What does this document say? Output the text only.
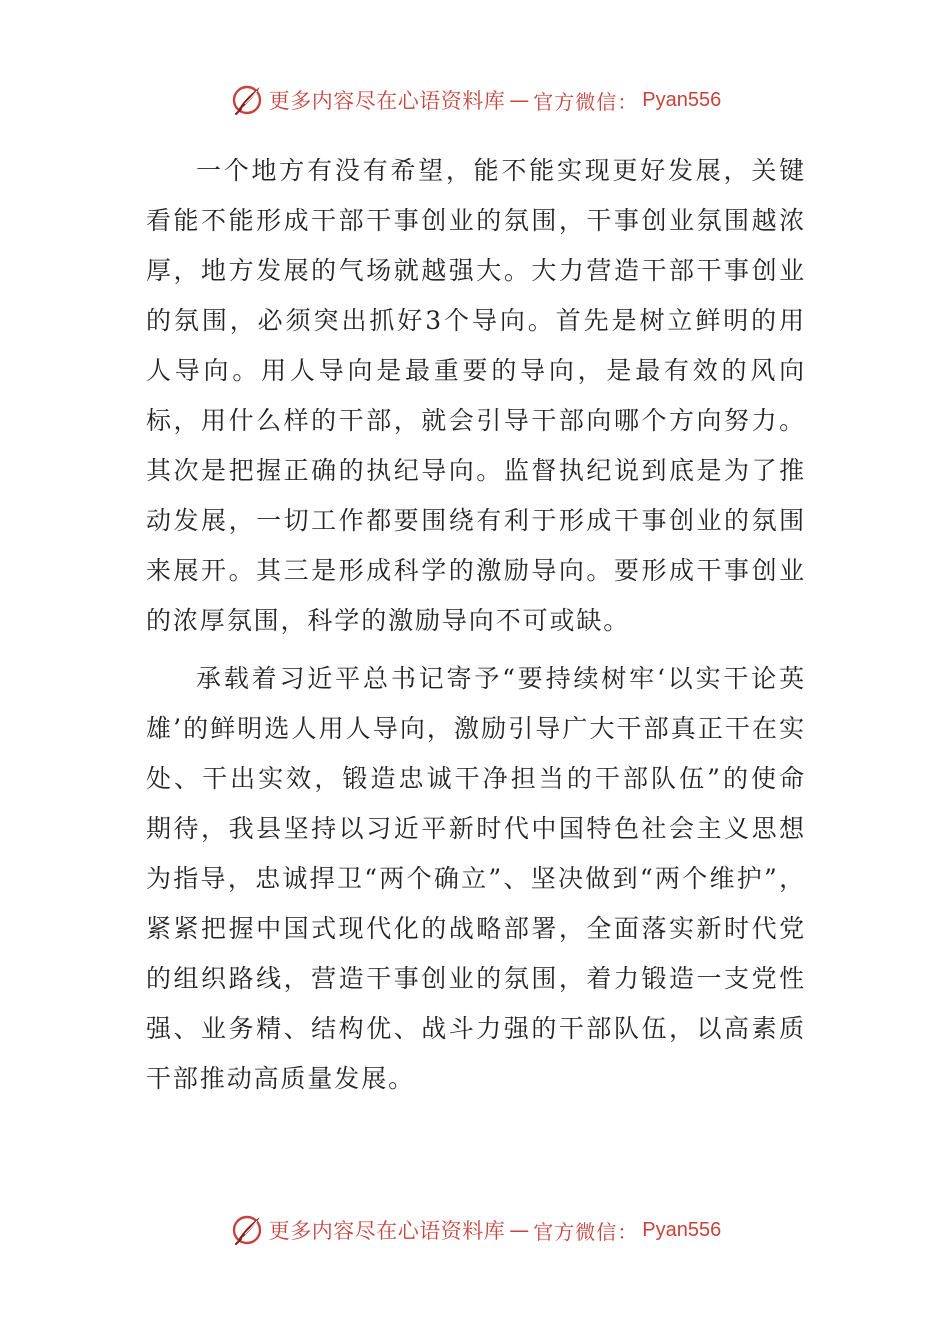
更多内容尽在心语资料库 — 官方微信： Pyan556

一个地方有没有希望，能不能实现更好发展，关键看能不能形成干部干事创业的氛围，干事创业氛围越浓厚，地方发展的气场就越强大。大力营造干部干事创业的氛围，必须突出抓好3个导向。首先是树立鲜明的用人导向。用人导向是最重要的导向，是最有效的风向标，用什么样的干部，就会引导干部向哪个方向努力。其次是把握正确的执纪导向。监督执纪说到底是为了推动发展，一切工作都要围绕有利于形成干事创业的氛围来展开。其三是形成科学的激励导向。要形成干事创业的浓厚氛围，科学的激励导向不可或缺。

承载着习近平总书记寄予“要持续树牢‘以实干论英雄’的鲜明选人用人导向，激励引导广大干部真正干在实处、干出实效，锻造忠诚干净担当的干部队伍”的使命期待，我县坚持以习近平新时代中国特色社会主义思想为指导，忠诚捍卫“两个确立”、坚决做到“两个维护”，紧紧把握中国式现代化的战略部署，全面落实新时代党的组织路线，营造干事创业的氛围，着力锻造一支党性强、业务精、结构优、战斗力强的干部队伍，以高素质干部推动高质量发展。

更多内容尽在心语资料库 — 官方微信： Pyan556
